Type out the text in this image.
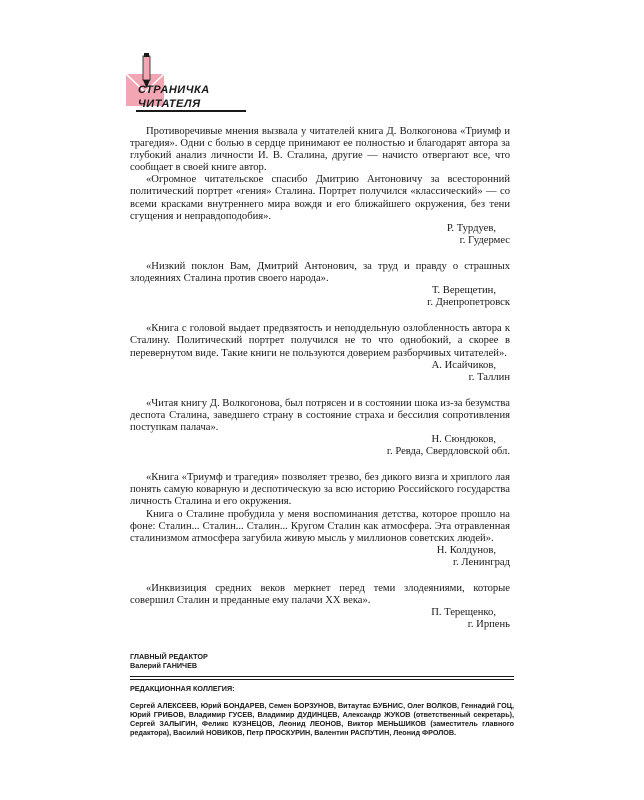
СТРАНИЧКА
ЧИТАТЕЛЯ

Противоречивые мнения вызвала у читателей книга Д. Волкогонова «Триумф и трагедия». Одни с болью в сердце принимают ее полностью и благодарят автора за глубокий анализ личности И. В. Сталина, другие — начисто отвергают все, что сообщает в своей книге автор.

«Огромное читательское спасибо Дмитрию Антоновичу за всесторонний политический портрет «гения» Сталина. Портрет получился «классический» — со всеми красками внутреннего мира вождя и его ближайшего окружения, без тени сгущения и неправдоподобия».

Р. Турдуев,
г. Гудермес

«Низкий поклон Вам, Дмитрий Антонович, за труд и правду о страшных злодеяниях Сталина против своего народа».

Т. Верещетин,
г. Днепропетровск

«Книга с головой выдает предвзятость и неподдельную озлобленность автора к Сталину. Политический портрет получился не то что однобокий, а скорее в перевернутом виде. Такие книги не пользуются доверием разборчивых читателей».

А. Исайчиков,
г. Таллин

«Читая книгу Д. Волкогонова, был потрясен и в состоянии шока из-за безумства деспота Сталина, заведшего страну в состояние страха и бессилия сопротивления поступкам палача».

Н. Сюндюков,
г. Ревда, Свердловской обл.

«Книга «Триумф и трагедия» позволяет трезво, без дикого визга и хриплого лая понять самую коварную и деспотическую за всю историю Российского государства личность Сталина и его окружения.

Книга о Сталине пробудила у меня воспоминания детства, которое прошло на фоне: Сталин... Сталин... Сталин... Кругом Сталин как атмосфера. Эта отравленная сталинизмом атмосфера загубила живую мысль у миллионов советских людей».

Н. Колдунов,
г. Ленинград

«Инквизиция средних веков меркнет перед теми злодеяниями, которые совершил Сталин и преданные ему палачи XX века».

П. Терещенко,
г. Ирпень
ГЛАВНЫЙ РЕДАКТОР
Валерий ГАНИЧЕВ
РЕДАКЦИОННАЯ КОЛЛЕГИЯ:
Сергей АЛЕКСЕЕВ, Юрий БОНДАРЕВ, Семен БОРЗУНОВ, Витаутас БУБНИС, Олег ВОЛКОВ, Геннадий ГОЦ, Юрий ГРИБОВ, Владимир ГУСЕВ, Владимир ДУДИНЦЕВ, Александр ЖУКОВ (ответственный секретарь), Сергей ЗАЛЫГИН, Феликс КУЗНЕЦОВ, Леонид ЛЕОНОВ, Виктор МЕНЬШИКОВ (заместитель главного редактора), Василий НОВИКОВ, Петр ПРОСКУРИН, Валентин РАСПУТИН, Леонид ФРОЛОВ.
